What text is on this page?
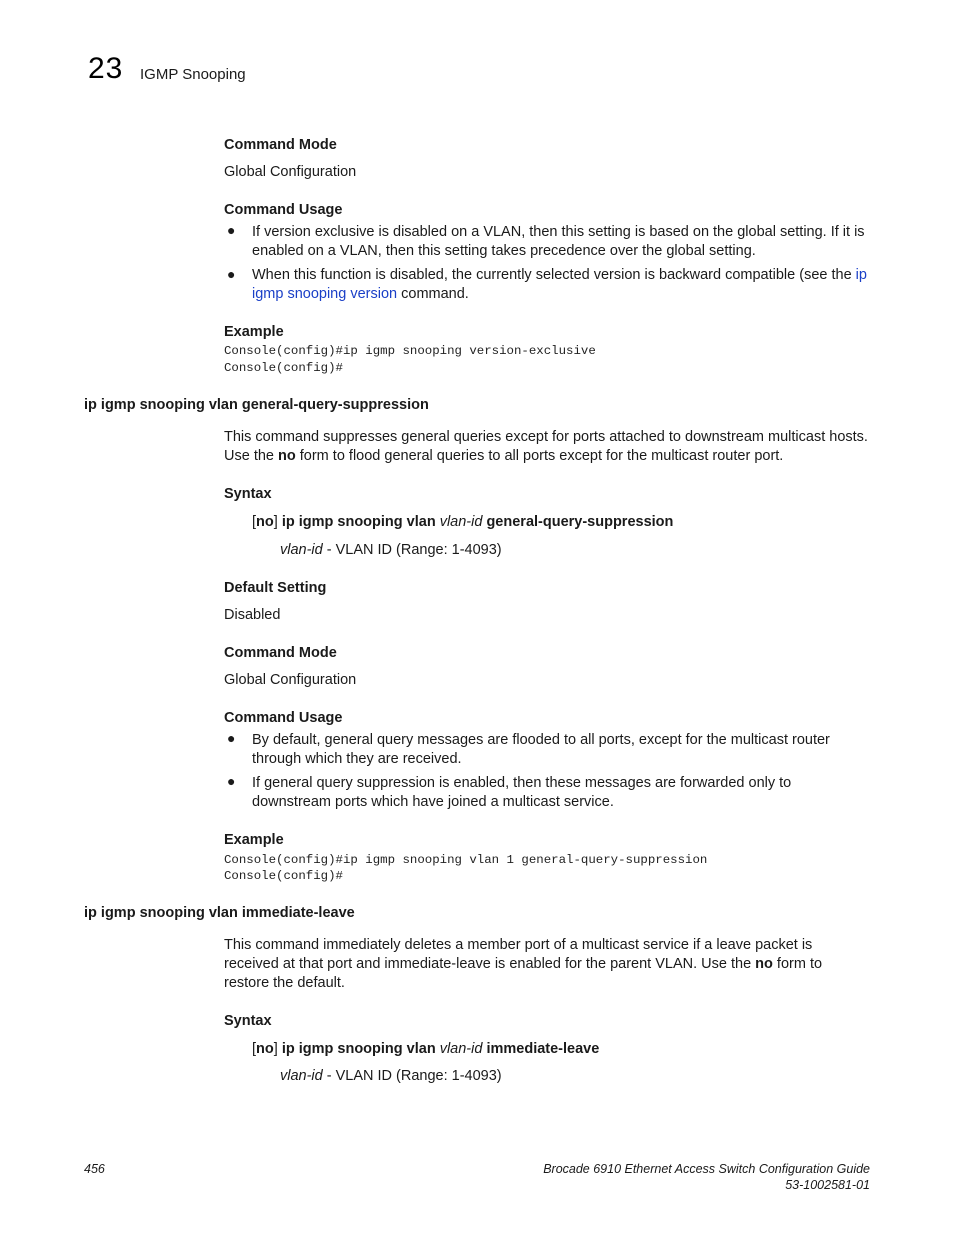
23 IGMP Snooping
Command Mode
Global Configuration
Command Usage
● If version exclusive is disabled on a VLAN, then this setting is based on the global setting. If it is enabled on a VLAN, then this setting takes precedence over the global setting.
● When this function is disabled, the currently selected version is backward compatible (see the ip igmp snooping version command.
Example
Console(config)#ip igmp snooping version-exclusive
Console(config)#
ip igmp snooping vlan general-query-suppression
This command suppresses general queries except for ports attached to downstream multicast hosts. Use the no form to flood general queries to all ports except for the multicast router port.
Syntax
[no] ip igmp snooping vlan vlan-id general-query-suppression
vlan-id - VLAN ID (Range: 1-4093)
Default Setting
Disabled
Command Mode
Global Configuration
Command Usage
● By default, general query messages are flooded to all ports, except for the multicast router through which they are received.
● If general query suppression is enabled, then these messages are forwarded only to downstream ports which have joined a multicast service.
Example
Console(config)#ip igmp snooping vlan 1 general-query-suppression
Console(config)#
ip igmp snooping vlan immediate-leave
This command immediately deletes a member port of a multicast service if a leave packet is received at that port and immediate-leave is enabled for the parent VLAN. Use the no form to restore the default.
Syntax
[no] ip igmp snooping vlan vlan-id immediate-leave
vlan-id - VLAN ID (Range: 1-4093)
456	Brocade 6910 Ethernet Access Switch Configuration Guide
53-1002581-01
